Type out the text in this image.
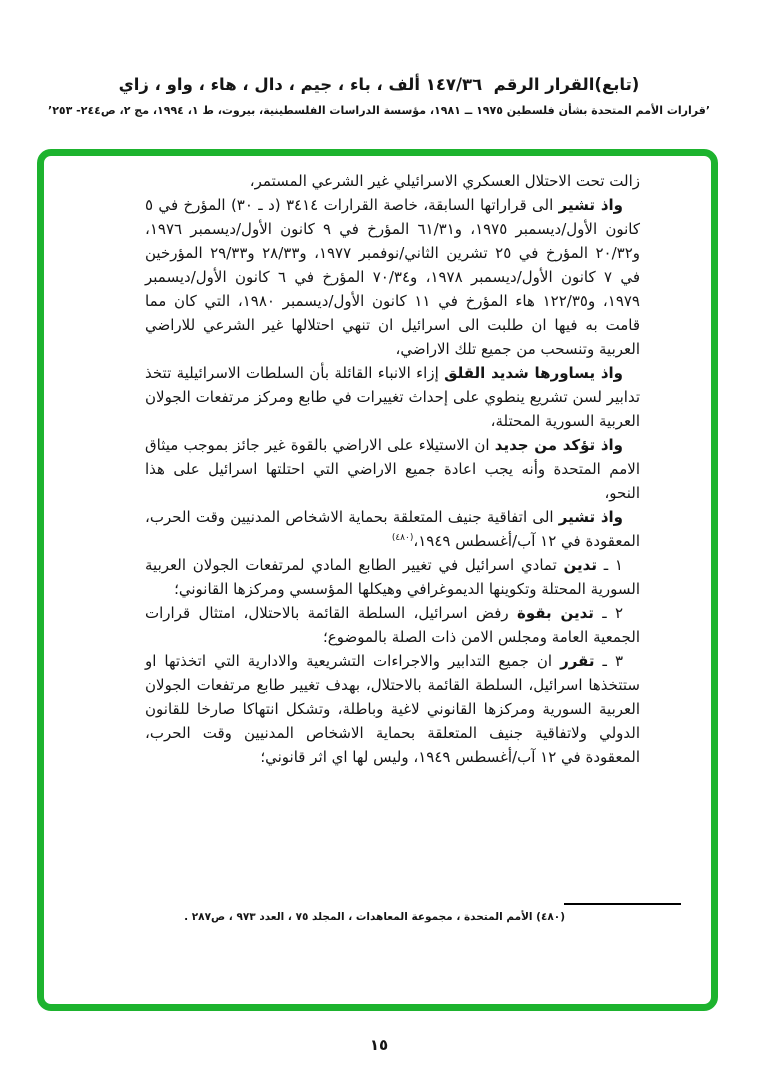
(تابع)القرار الرقم  ١٤٧/٣٦ ألف ، باء ، جيم ، دال ، هاء ، واو ، زاي
’قرارات الأمم المتحدة بشأن فلسطين ١٩٧٥ ــ ١٩٨١، مؤسسة الدراسات الفلسطينية، بيروت، ط ١، ١٩٩٤، مج ٢، ص٢٤٤- ٢٥٣’

زالت تحت الاحتلال العسكري الاسرائيلي غير الشرعي المستمر،

واذ تشير الى قراراتها السابقة، خاصة القرارات ٣٤١٤ (د ـ ٣٠) المؤرخ في ٥ كانون الأول/ديسمبر ١٩٧٥، و٦١/٣١ المؤرخ في ٩ كانون الأول/ديسمبر ١٩٧٦، و٢٠/٣٢ المؤرخ في ٢٥ تشرين الثاني/نوفمبر ١٩٧٧، و٢٨/٣٣ و٢٩/٣٣ المؤرخين في ٧ كانون الأول/ديسمبر ١٩٧٨، و٧٠/٣٤ المؤرخ في ٦ كانون الأول/ديسمبر ١٩٧٩، و١٢٢/٣٥ هاء المؤرخ في ١١ كانون الأول/ديسمبر ١٩٨٠، التي كان مما قامت به فيها ان طلبت الى اسرائيل ان تنهي احتلالها غير الشرعي للاراضي العربية وتنسحب من جميع تلك الاراضي،

واذ يساورها شديد القلق إزاء الانباء القائلة بأن السلطات الاسرائيلية تتخذ تدابير لسن تشريع ينطوي على إحداث تغييرات في طابع ومركز مرتفعات الجولان العربية السورية المحتلة،

واذ تؤكد من جديد ان الاستيلاء على الاراضي بالقوة غير جائز بموجب ميثاق الامم المتحدة وأنه يجب اعادة جميع الاراضي التي احتلتها اسرائيل على هذا النحو،

واذ تشير الى اتفاقية جنيف المتعلقة بحماية الاشخاص المدنيين وقت الحرب، المعقودة في ١٢ آب/أغسطس ١٩٤٩،$^{(٤٨٠)}$

١ ـ تدين تمادي اسرائيل في تغيير الطابع المادي لمرتفعات الجولان العربية السورية المحتلة وتكوينها الديموغرافي وهيكلها المؤسسي ومركزها القانوني؛

٢ ـ تدين بقوة رفض اسرائيل، السلطة القائمة بالاحتلال، امتثال قرارات الجمعية العامة ومجلس الامن ذات الصلة بالموضوع؛

٣ ـ تقرر ان جميع التدابير والاجراءات التشريعية والادارية التي اتخذتها او ستتخذها اسرائيل، السلطة القائمة بالاحتلال، بهدف تغيير طابع مرتفعات الجولان العربية السورية ومركزها القانوني لاغية وباطلة، وتشكل انتهاكا صارخا للقانون الدولي ولاتفاقية جنيف المتعلقة بحماية الاشخاص المدنيين وقت الحرب، المعقودة في ١٢ آب/أغسطس ١٩٤٩، وليس لها اي اثر قانوني؛

(٤٨٠) الأمم المتحدة ، مجموعة المعاهدات ، المجلد ٧٥ ، العدد ٩٧٣ ، ص٢٨٧ .
١٥
